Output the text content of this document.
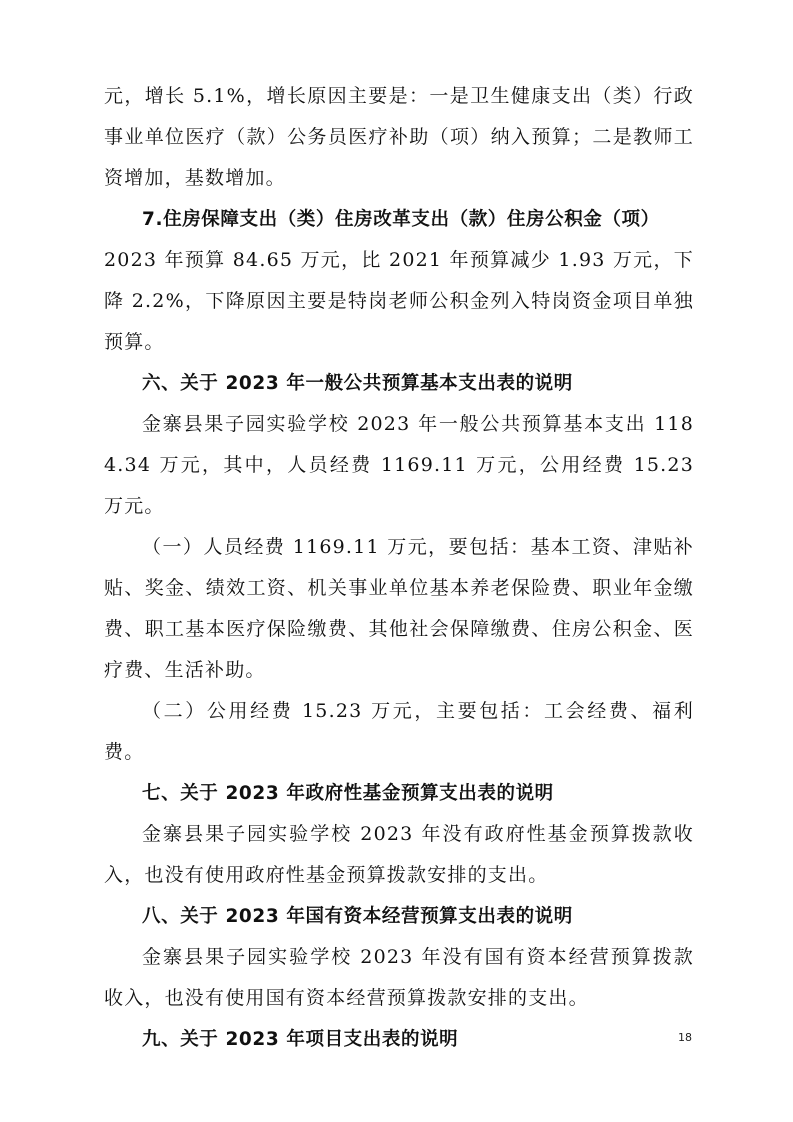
元，增长 5.1%，增长原因主要是：一是卫生健康支出（类）行政事业单位医疗（款）公务员医疗补助（项）纳入预算；二是教师工资增加，基数增加。

7.住房保障支出（类）住房改革支出（款）住房公积金（项）

2023 年预算 84.65 万元，比 2021 年预算减少 1.93 万元，下降 2.2%，下降原因主要是特岗老师公积金列入特岗资金项目单独预算。

六、关于 2023 年一般公共预算基本支出表的说明

金寨县果子园实验学校 2023 年一般公共预算基本支出 1184.34 万元，其中，人员经费 1169.11 万元，公用经费 15.23 万元。

（一）人员经费 1169.11 万元，要包括：基本工资、津贴补贴、奖金、绩效工资、机关事业单位基本养老保险费、职业年金缴费、职工基本医疗保险缴费、其他社会保障缴费、住房公积金、医疗费、生活补助。

（二）公用经费 15.23 万元，主要包括：工会经费、福利费。

七、关于 2023 年政府性基金预算支出表的说明

金寨县果子园实验学校 2023 年没有政府性基金预算拨款收入，也没有使用政府性基金预算拨款安排的支出。

八、关于 2023 年国有资本经营预算支出表的说明

金寨县果子园实验学校 2023 年没有国有资本经营预算拨款收入，也没有使用国有资本经营预算拨款安排的支出。

九、关于 2023 年项目支出表的说明	18
